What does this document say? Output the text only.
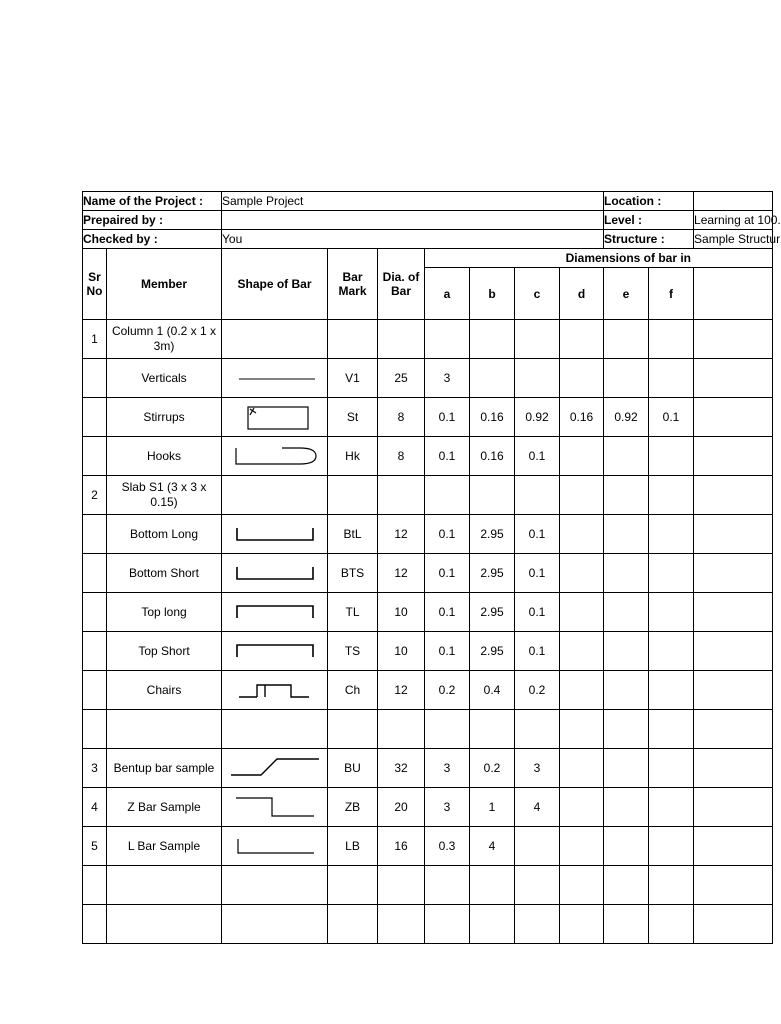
Name of the Project :		Sample Project							Location :		
Prepaired by :									Level :		Learning at 100.
Checked by :		You							Structure :		Sample Structur
Sr No	Member	Shape of Bar	Bar Mark	Dia. of Bar	Diamensions of bar in						

					a	b	c	d	e	f	
1	Column 1 (0.2 x 1 x 3m)										
	Verticals		V1	25	3						
	Stirrups		St	8	0.1	0.16	0.92	0.16	0.92	0.1	
	Hooks		Hk	8	0.1	0.16	0.1				
2	Slab S1 (3 x 3 x 0.15)										
	Bottom Long		BtL	12	0.1	2.95	0.1				
	Bottom Short		BTS	12	0.1	2.95	0.1				
	Top long		TL	10	0.1	2.95	0.1				
	Top Short		TS	10	0.1	2.95	0.1				
	Chairs		Ch	12	0.2	0.4	0.2				

3	Bentup bar sample		BU	32	3	0.2	3				
4	Z Bar Sample		ZB	20	3	1	4				
5	L Bar Sample		LB	16	0.3	4					
